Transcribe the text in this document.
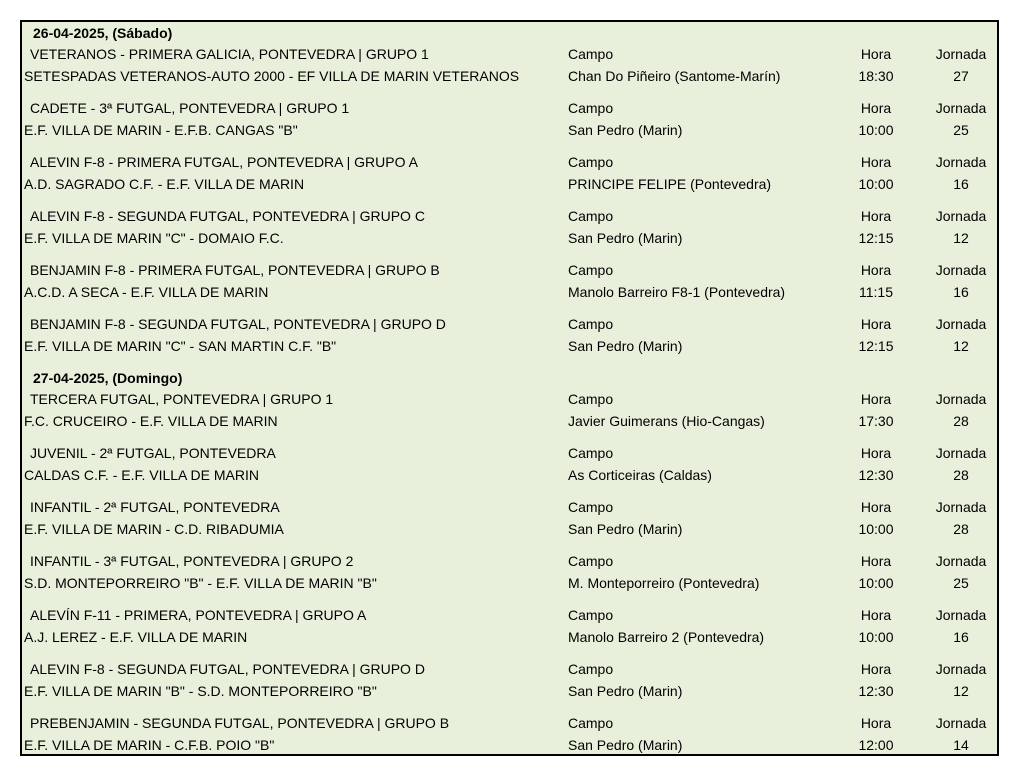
26-04-2025, (Sábado)
VETERANOS - PRIMERA GALICIA, PONTEVEDRA | GRUPO 1
SETESPADAS VETERANOS-AUTO 2000 - EF VILLA DE MARIN VETERANOS
Campo
Chan Do Piñeiro (Santome-Marín)
Hora
18:30
Jornada
27
CADETE - 3ª FUTGAL, PONTEVEDRA | GRUPO 1
E.F. VILLA DE MARIN - E.F.B. CANGAS "B"
Campo
San Pedro (Marin)
Hora
10:00
Jornada
25
ALEVIN F-8 - PRIMERA FUTGAL, PONTEVEDRA | GRUPO A
A.D. SAGRADO C.F. - E.F. VILLA DE MARIN
Campo
PRINCIPE FELIPE (Pontevedra)
Hora
10:00
Jornada
16
ALEVIN F-8 - SEGUNDA FUTGAL, PONTEVEDRA | GRUPO C
E.F. VILLA DE MARIN "C" - DOMAIO F.C.
Campo
San Pedro (Marin)
Hora
12:15
Jornada
12
BENJAMIN F-8 - PRIMERA FUTGAL, PONTEVEDRA | GRUPO B
A.C.D. A SECA - E.F. VILLA DE MARIN
Campo
Manolo Barreiro F8-1 (Pontevedra)
Hora
11:15
Jornada
16
BENJAMIN F-8 - SEGUNDA FUTGAL, PONTEVEDRA | GRUPO D
E.F. VILLA DE MARIN "C" - SAN MARTIN C.F. "B"
Campo
San Pedro (Marin)
Hora
12:15
Jornada
12
27-04-2025, (Domingo)
TERCERA FUTGAL, PONTEVEDRA | GRUPO 1
F.C. CRUCEIRO - E.F. VILLA DE MARIN
Campo
Javier Guimerans (Hio-Cangas)
Hora
17:30
Jornada
28
JUVENIL - 2ª FUTGAL, PONTEVEDRA
CALDAS C.F. - E.F. VILLA DE MARIN
Campo
As Corticeiras (Caldas)
Hora
12:30
Jornada
28
INFANTIL - 2ª FUTGAL, PONTEVEDRA
E.F. VILLA DE MARIN - C.D. RIBADUMIA
Campo
San Pedro (Marin)
Hora
10:00
Jornada
28
INFANTIL - 3ª FUTGAL, PONTEVEDRA | GRUPO 2
S.D. MONTEPORREIRO "B" - E.F. VILLA DE MARIN "B"
Campo
M. Monteporreiro (Pontevedra)
Hora
10:00
Jornada
25
ALEVÍN F-11 - PRIMERA, PONTEVEDRA | GRUPO A
A.J. LEREZ - E.F. VILLA DE MARIN
Campo
Manolo Barreiro 2 (Pontevedra)
Hora
10:00
Jornada
16
ALEVIN F-8 - SEGUNDA FUTGAL, PONTEVEDRA | GRUPO D
E.F. VILLA DE MARIN "B" - S.D. MONTEPORREIRO "B"
Campo
San Pedro (Marin)
Hora
12:30
Jornada
12
PREBENJAMIN - SEGUNDA FUTGAL, PONTEVEDRA | GRUPO B
E.F. VILLA DE MARIN - C.F.B. POIO "B"
Campo
San Pedro (Marin)
Hora
12:00
Jornada
14
